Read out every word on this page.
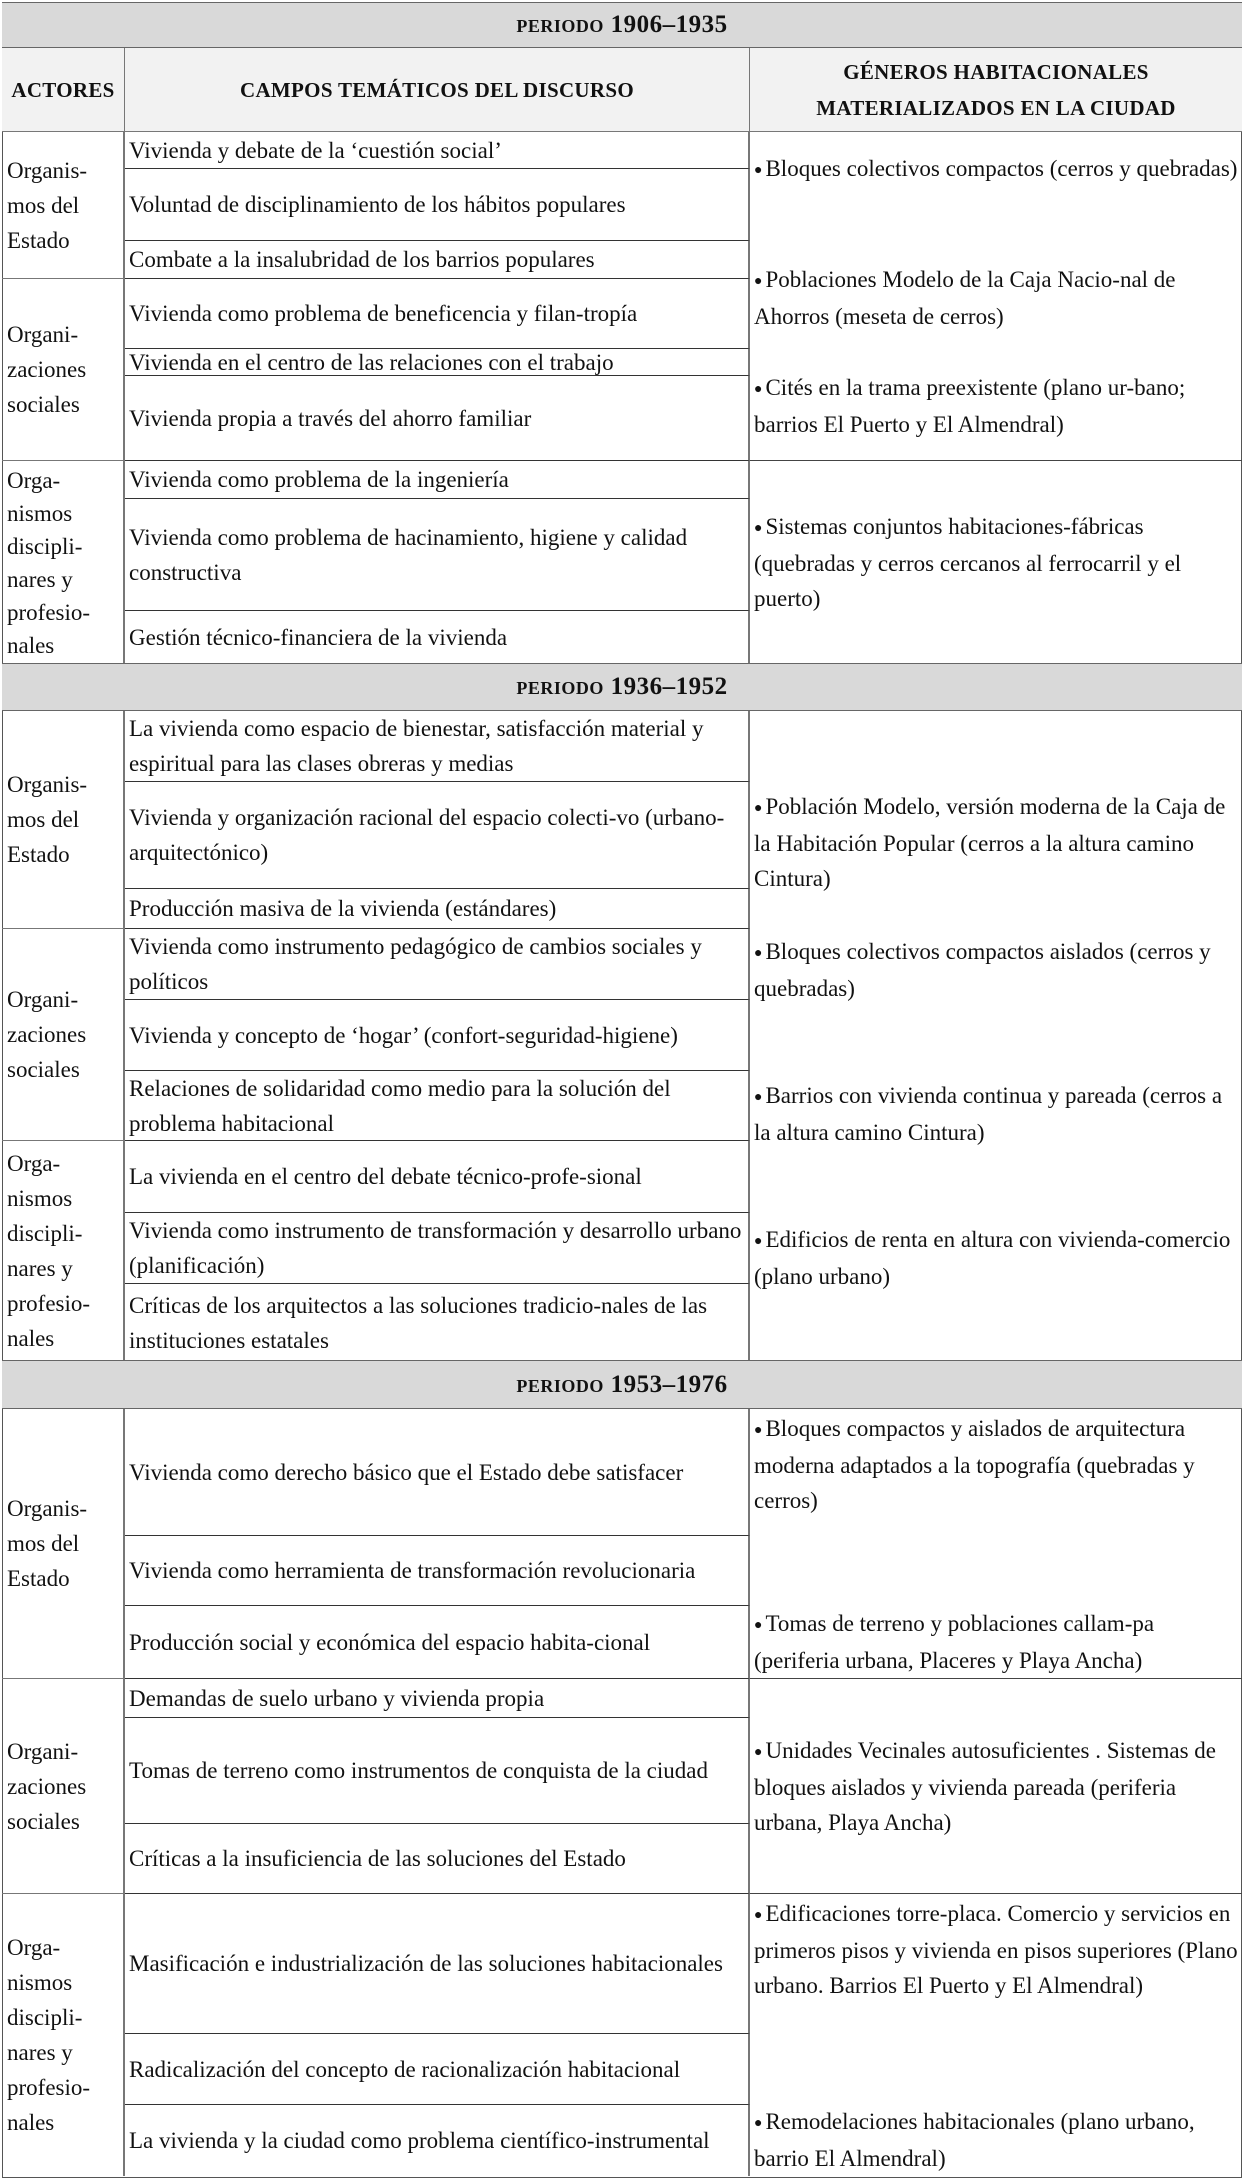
periodo 1906–1935
ACTORES	CAMPOS TEMÁTICOS DEL DISCURSO
GÉNEROS HABITACIONALES
MATERIALIZADOS EN LA CIUDAD
Organis-
mos del
Estado
Organi-
zaciones
sociales
Orga-
nismos
discipli-
nares y
profesio-
nales
Vivienda y debate de la ‘cuestión social’
Voluntad de disciplinamiento de los hábitos populares
Combate a la insalubridad de los barrios populares
Vivienda como problema de beneficencia y filan-tropía
Vivienda en el centro de las relaciones con el trabajo
Vivienda propia a través del ahorro familiar
Vivienda como problema de la ingeniería
Vivienda como problema de hacinamiento, higiene y calidad constructiva
Gestión técnico-financiera de la vivienda
● Bloques colectivos compactos (cerros y quebradas)
● Poblaciones Modelo de la Caja Nacio-nal de Ahorros (meseta de cerros)
● Cités en la trama preexistente (plano ur-bano; barrios El Puerto y El Almendral)
● Sistemas conjuntos habitaciones-fábricas (quebradas y cerros cercanos al ferrocarril y el puerto)
periodo 1936–1952
Organis-
mos del
Estado
Organi-
zaciones
sociales
Orga-
nismos
discipli-
nares y
profesio-
nales
La vivienda como espacio de bienestar, satisfacción material y espiritual para las clases obreras y medias
Vivienda y organización racional del espacio colecti-vo (urbano-arquitectónico)
Producción masiva de la vivienda (estándares)
Vivienda como instrumento pedagógico de cambios sociales y políticos
Vivienda y concepto de ‘hogar’ (confort-seguridad-higiene)
Relaciones de solidaridad como medio para la solución del problema habitacional
La vivienda en el centro del debate técnico-profe-sional
Vivienda como instrumento de transformación y desarrollo urbano (planificación)
Críticas de los arquitectos a las soluciones tradicio-nales de las instituciones estatales
● Población Modelo, versión moderna de la Caja de la Habitación Popular (cerros a la altura camino Cintura)
● Bloques colectivos compactos aislados (cerros y quebradas)
● Barrios con vivienda continua y pareada (cerros a la altura camino Cintura)
● Edificios de renta en altura con vivienda-comercio (plano urbano)
periodo 1953–1976
Organis-
mos del
Estado
Organi-
zaciones
sociales
Orga-
nismos
discipli-
nares y
profesio-
nales
Vivienda como derecho básico que el Estado debe satisfacer
Vivienda como herramienta de transformación revolucionaria
Producción social y económica del espacio habita-cional
Demandas de suelo urbano y vivienda propia
Tomas de terreno como instrumentos de conquista de la ciudad
Críticas a la insuficiencia de las soluciones del Estado
Masificación e industrialización de las soluciones habitacionales
Radicalización del concepto de racionalización habitacional
La vivienda y la ciudad como problema científico-instrumental
● Bloques compactos y aislados de arquitectura moderna adaptados a la topografía (quebradas y cerros)
● Tomas de terreno y poblaciones callam-pa (periferia urbana, Placeres y Playa Ancha)
● Unidades Vecinales autosuficientes . Sistemas de bloques aislados y vivienda pareada (periferia urbana, Playa Ancha)
● Edificaciones torre-placa. Comercio y servicios en primeros pisos y vivienda en pisos superiores (Plano urbano. Barrios El Puerto y El Almendral)
● Remodelaciones habitacionales (plano urbano, barrio El Almendral)
